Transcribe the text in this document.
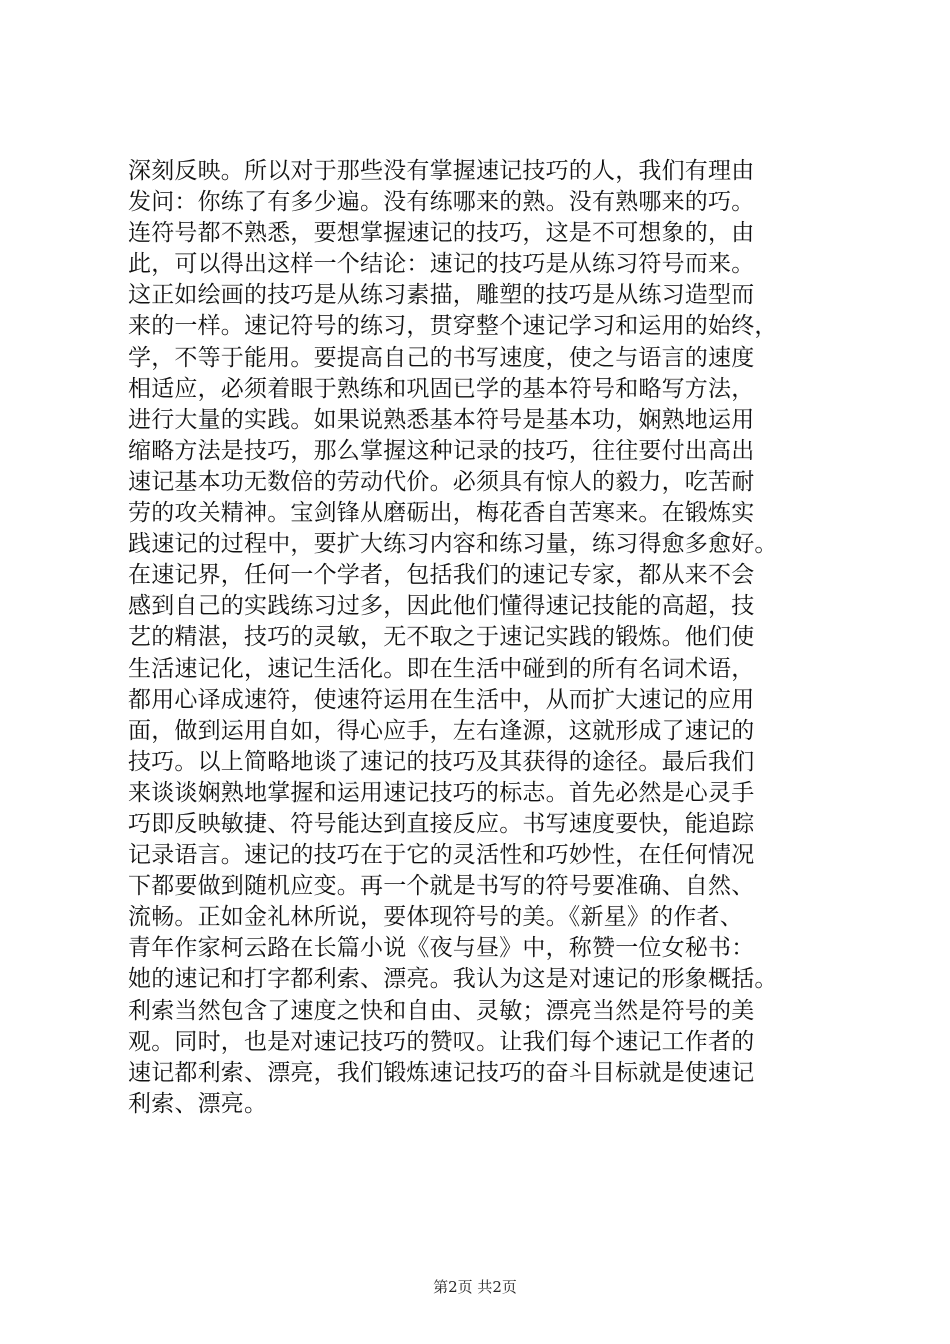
深刻反映。所以对于那些没有掌握速记技巧的人，我们有理由
发问：你练了有多少遍。没有练哪来的熟。没有熟哪来的巧。
连符号都不熟悉，要想掌握速记的技巧，这是不可想象的，由
此，可以得出这样一个结论：速记的技巧是从练习符号而来。
这正如绘画的技巧是从练习素描，雕塑的技巧是从练习造型而
来的一样。速记符号的练习，贯穿整个速记学习和运用的始终，
学，不等于能用。要提高自己的书写速度，使之与语言的速度
相适应，必须着眼于熟练和巩固已学的基本符号和略写方法，
进行大量的实践。如果说熟悉基本符号是基本功，娴熟地运用
缩略方法是技巧，那么掌握这种记录的技巧，往往要付出高出
速记基本功无数倍的劳动代价。必须具有惊人的毅力，吃苦耐
劳的攻关精神。宝剑锋从磨砺出，梅花香自苦寒来。在锻炼实
践速记的过程中，要扩大练习内容和练习量，练习得愈多愈好。
在速记界，任何一个学者，包括我们的速记专家，都从来不会
感到自己的实践练习过多，因此他们懂得速记技能的高超，技
艺的精湛，技巧的灵敏，无不取之于速记实践的锻炼。他们使
生活速记化，速记生活化。即在生活中碰到的所有名词术语，
都用心译成速符，使速符运用在生活中，从而扩大速记的应用
面，做到运用自如，得心应手，左右逢源，这就形成了速记的
技巧。以上简略地谈了速记的技巧及其获得的途径。最后我们
来谈谈娴熟地掌握和运用速记技巧的标志。首先必然是心灵手
巧即反映敏捷、符号能达到直接反应。书写速度要快，能追踪
记录语言。速记的技巧在于它的灵活性和巧妙性，在任何情况
下都要做到随机应变。再一个就是书写的符号要准确、自然、
流畅。正如金礼林所说，要体现符号的美。《新星》的作者、
青年作家柯云路在长篇小说《夜与昼》中，称赞一位女秘书：
她的速记和打字都利索、漂亮。我认为这是对速记的形象概括。
利索当然包含了速度之快和自由、灵敏；漂亮当然是符号的美
观。同时，也是对速记技巧的赞叹。让我们每个速记工作者的
速记都利索、漂亮，我们锻炼速记技巧的奋斗目标就是使速记
利索、漂亮。
第2页 共2页
